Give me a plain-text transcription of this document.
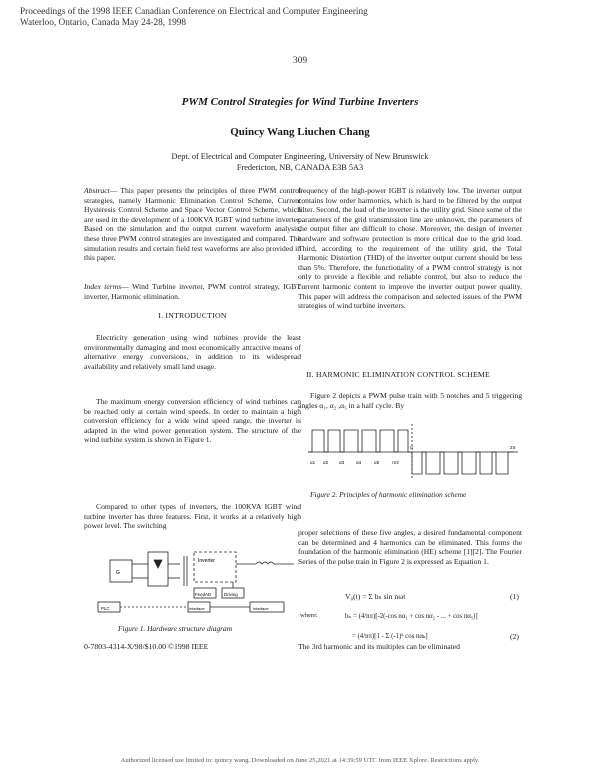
Proceedings of the 1998 IEEE Canadian Conference on Electrical and Computer Engineering
Waterloo, Ontario, Canada May 24-28, 1998
309
PWM Control Strategies for Wind Turbine Inverters
Quincy Wang Liuchen Chang
Dept. of Electrical and Computer Engineering, University of New Brunswick
Fredericton, NB, CANADA E3B 5A3

Abstract— This paper presents the principles of three PWM control strategies, namely Harmonic Elimination Control Scheme, Current Hysteresis Control Scheme and Space Vector Control Scheme, which are used in the development of a 100KVA IGBT wind turbine inverter. Based on the simulation and the output current waveform analysis, these three PWM control strategies are investigated and compared. The simulation results and certain field test waveforms are also provided in this paper.

Index terms— Wind Turbine inverter, PWM control strategy, IGBT inverter, Harmonic elimination.

I. INTRODUCTION
Electricity generation using wind turbines provide the least environmentally damaging and most economically attractive means of alternative energy conversions, in addition to its widespread availability and relatively small land usage.
The maximum energy conversion efficiency of wind turbines can be reached only at certain wind speeds. In order to maintain a high conversion efficiency for a wide wind speed range, the inverter is adapted in the wind power generation system. The structure of the wind turbine system is shown in Figure 1.
Compared to other types of inverters, the 100KVA IGBT wind turbine inverter has three features. First, it works at a relatively high power level. The switching
G
Inverter
FeedAD	Driving
PLC	Interface	Interface
Figure 1. Hardware structure diagram
0-7803-4314-X/98/$10.00 ©1998 IEEE
frequency of the high-power IGBT is relatively low. The inverter output contains low order harmonics, which is hard to be filtered by the output filter. Second, the load of the inverter is the utility grid. Since some of the parameters of the grid transmission line are unknown, the parameters of the output filter are difficult to chose. Moreover, the design of inverter hardware and software protection is more critical due to the grid load. Third, according to the requirement of the utility grid, the Total Harmonic Distortion (THD) of the inverter output current should be less than 5%. Therefore, the functionality of a PWM control strategy is not only to provide a flexible and reliable control, but also to reduce the current harmonic content to improve the inverter output power quality. This paper will address the comparison and selected issues of the PWM strategies of wind turbine inverters.
II. HARMONIC ELIMINATION CONTROL SCHEME
Figure 2 depicts a PWM pulse train with 5 notches and 5 triggering angles α₁, α₂ ,α₅ in a half cycle. By
α1 α2 α3	α4	α5	π/2
π	2π
Figure 2. Principles of harmonic elimination scheme
proper selections of these five angles, a desired fundamental component can be determined and 4 harmonics can be eliminated. This forms the foundation of the harmonic elimination (HE) scheme [1][2]. The Fourier Series of the pulse train in Figure 2 is expressed as Equation 1.
V₀(t) = Σ bₙ sin nωt	(1)
where:	bₙ = (4/nπ)[-2(-cos nα₁ + cos nα₂ - ... + cos nα₅)]
= (4/nπ)[1 - Σ (-1)ᵏ cos nαₖ]	(2)
The 3rd harmonic and its multiples can be eliminated
Authorized licensed use limited to: quincy wang. Downloaded on June 25,2021 at 14:39:59 UTC from IEEE Xplore. Restrictions apply.
